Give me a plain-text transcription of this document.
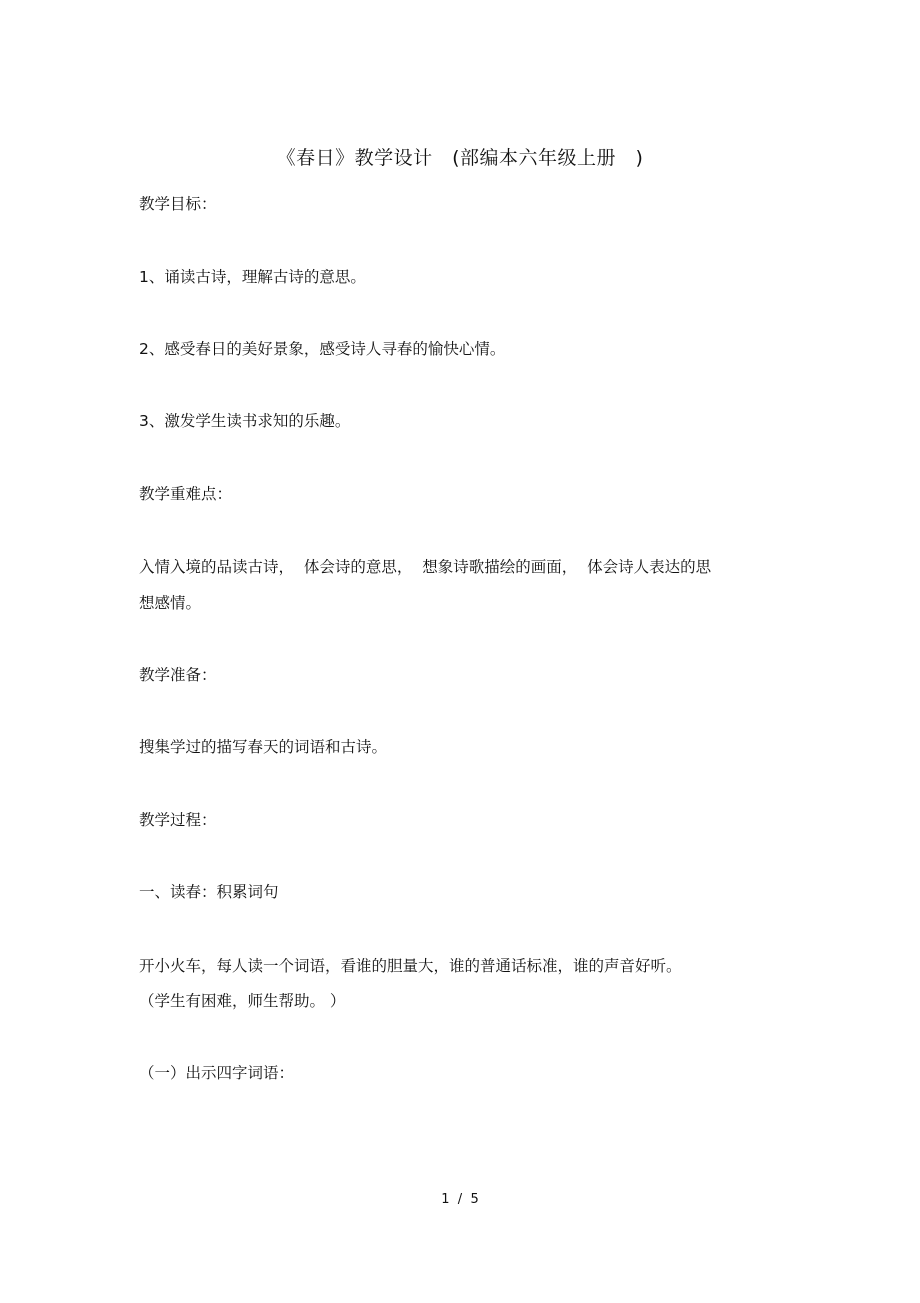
《春日》教学设计　(部编本六年级上册　)
教学目标：
1、诵读古诗，理解古诗的意思。
2、感受春日的美好景象，感受诗人寻春的愉快心情。
3、激发学生读书求知的乐趣。
教学重难点：
入情入境的品读古诗，  体会诗的意思，  想象诗歌描绘的画面，  体会诗人表达的思
想感情。
教学准备：
搜集学过的描写春天的词语和古诗。
教学过程：
一、读春：积累词句
开小火车，每人读一个词语，看谁的胆量大，谁的普通话标准，谁的声音好听。
（学生有困难，师生帮助。 ）
（一）出示四字词语：
1  /  5
